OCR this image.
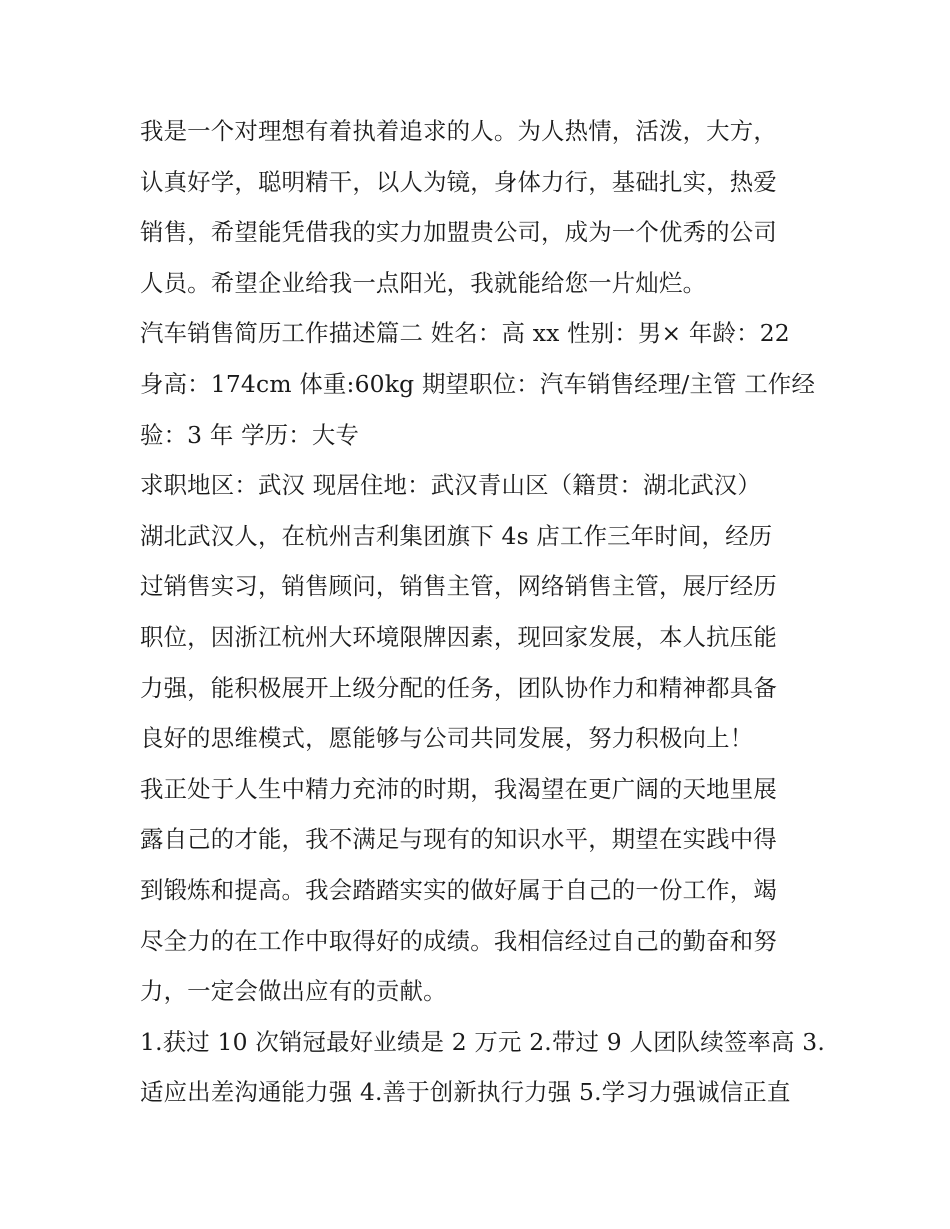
我是一个对理想有着执着追求的人。为人热情，活泼，大方，
认真好学，聪明精干，以人为镜，身体力行，基础扎实，热爱
销售，希望能凭借我的实力加盟贵公司，成为一个优秀的公司
人员。希望企业给我一点阳光，我就能给您一片灿烂。
汽车销售简历工作描述篇二 姓名：高 xx 性别：男× 年龄：22
身高：174cm 体重:60kg 期望职位：汽车销售经理/主管 工作经
验：3 年 学历：大专
求职地区：武汉 现居住地：武汉青山区（籍贯：湖北武汉）
湖北武汉人，在杭州吉利集团旗下 4s 店工作三年时间，经历
过销售实习，销售顾问，销售主管，网络销售主管，展厅经历
职位，因浙江杭州大环境限牌因素，现回家发展，本人抗压能
力强，能积极展开上级分配的任务，团队协作力和精神都具备
良好的思维模式，愿能够与公司共同发展，努力积极向上！
我正处于人生中精力充沛的时期，我渴望在更广阔的天地里展
露自己的才能，我不满足与现有的知识水平，期望在实践中得
到锻炼和提高。我会踏踏实实的做好属于自己的一份工作，竭
尽全力的在工作中取得好的成绩。我相信经过自己的勤奋和努
力，一定会做出应有的贡献。
1.获过 10 次销冠最好业绩是 2 万元 2.带过 9 人团队续签率高 3.
适应出差沟通能力强 4.善于创新执行力强 5.学习力强诚信正直
